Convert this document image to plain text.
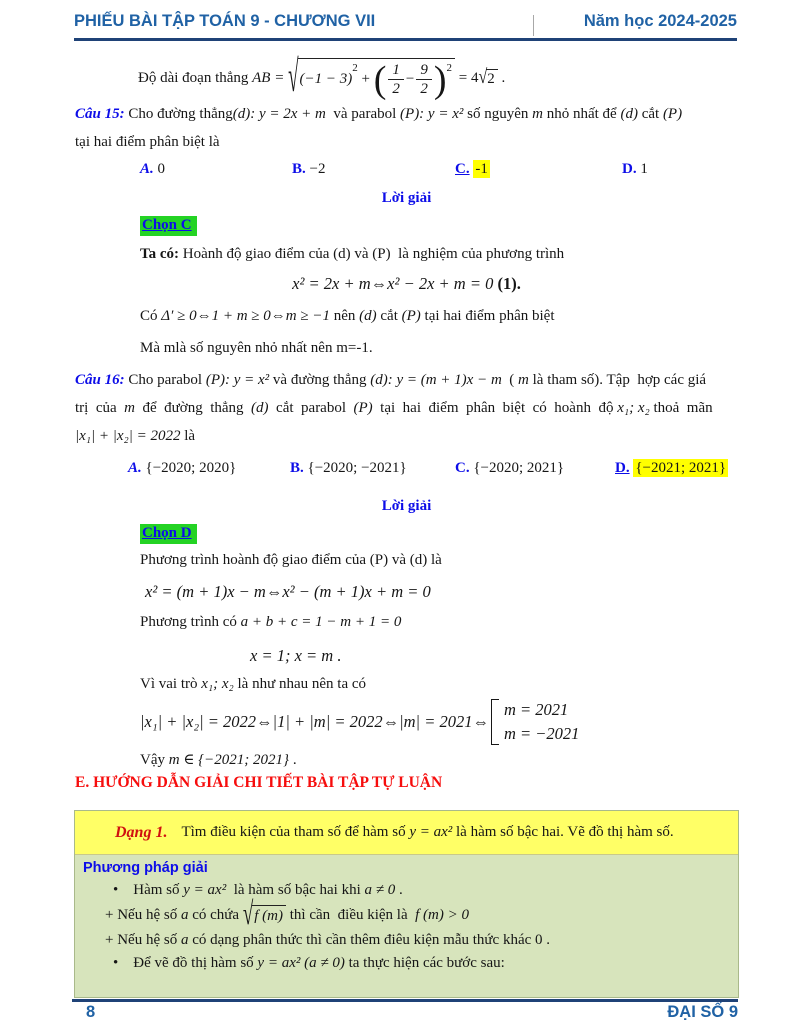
PHIẾU BÀI TẬP TOÁN 9 - CHƯƠNG VII	Năm học 2024-2025
Độ dài đoạn thẳng AB = √ (−1 − 3)
2
+ ( $\frac{1}{2} - \frac{9}{2}$ ) 2
= 4 √ 2 .
Câu 15: Cho đường thẳng(d): y = 2x + m  và parabol (P): y = x² số nguyên m nhỏ nhất để (d) cắt (P)
tại hai điểm phân biệt là
A. 0	B. −2	C. -1	D. 1
Lời giải
Chọn C
Ta có: Hoành độ giao điểm của (d) và (P)  là nghiệm của phương trình
x² = 2x + m⇔x² − 2x + m = 0 (1).
Có Δ′ ≥ 0⇔1 + m ≥ 0⇔m ≥ −1 nên (d) cắt (P) tại hai điểm phân biệt
Mà mlà số nguyên nhỏ nhất nên m=-1.
Câu 16: Cho parabol (P): y = x² và đường thẳng (d): y = (m + 1)x − m  ( m là tham số). Tập  hợp các giá
trị  của  m  để  đường  thẳng  (d)  cắt  parabol  (P)  tại  hai  điểm  phân  biệt  có  hoành  độ x₁; x₂ thoả  mãn
|x₁| + |x₂| = 2022 là
A. {−2020; 2020}	B. {−2020; −2021}	C. {−2020; 2021}	D. {−2021; 2021}
Lời giải
Chọn D
Phương trình hoành độ giao điểm của (P) và (d) là
x² = (m + 1)x − m⇔x² − (m + 1)x + m = 0
Phương trình có a + b + c = 1 − m + 1 = 0
x = 1; x = m .
Vì vai trò x₁; x₂ là như nhau nên ta có
|x₁| + |x₂| = 2022⇔|1| + |m| = 2022⇔|m| = 2021⇔
m = 2021
m = −2021
Vậy m ∈ {−2021; 2021} .
E. HƯỚNG DẪN GIẢI CHI TIẾT BÀI TẬP TỰ LUẬN
Dạng 1. Tìm điều kiện của tham số để hàm số y = ax² là hàm số bậc hai. Vẽ đồ thị hàm số.
Phương pháp giải
•    Hàm số y = ax²  là hàm số bậc hai khi a ≠ 0 .
+ Nếu hệ số a có chứa √ f (m) thì cần  điều kiện là  f (m) > 0
+ Nếu hệ số a có dạng phân thức thì cần thêm điêu kiện mẫu thức khác 0 .
•    Để vẽ đồ thị hàm số y = ax² (a ≠ 0) ta thực hiện các bước sau:
8	ĐẠI SỐ 9
